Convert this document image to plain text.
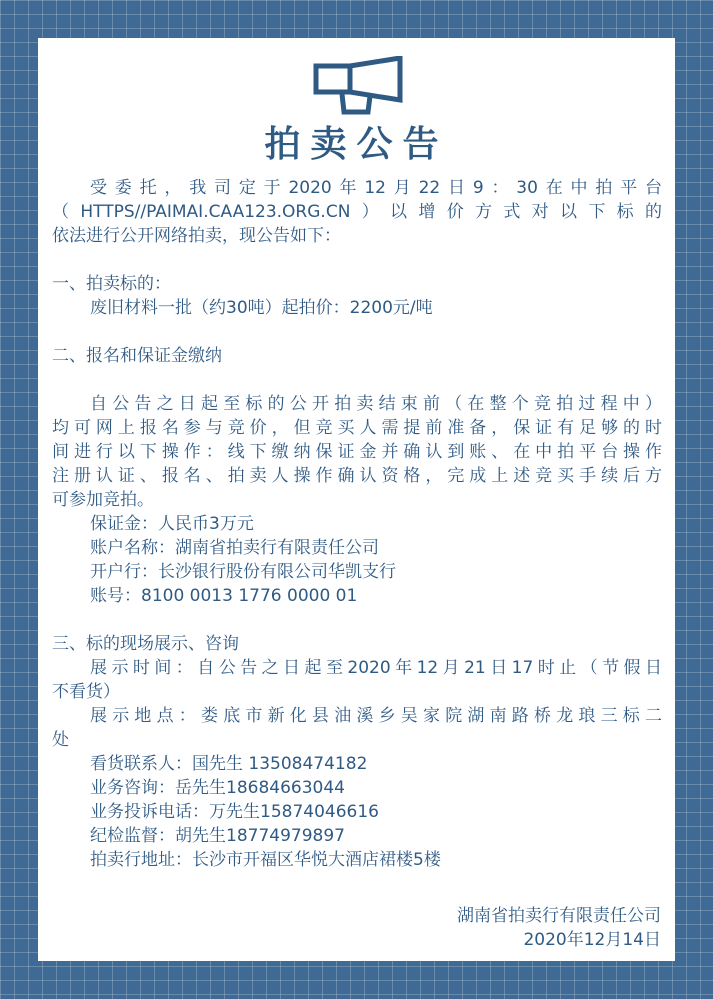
拍卖公告

受委托，我司定于2020年12月22日9：30在中拍平台

（HTTPS//PAIMAI.CAA123.ORG.CN）以增价方式对以下标的

依法进行公开网络拍卖，现公告如下：

一、拍卖标的：

废旧材料一批（约30吨）起拍价：2200元/吨

二、报名和保证金缴纳

自公告之日起至标的公开拍卖结束前（在整个竞拍过程中）

均可网上报名参与竞价，但竞买人需提前准备，保证有足够的时

间进行以下操作：线下缴纳保证金并确认到账、在中拍平台操作

注册认证、报名、拍卖人操作确认资格，完成上述竞买手续后方

可参加竞拍。

保证金：人民币3万元

账户名称：湖南省拍卖行有限责任公司

开户行：长沙银行股份有限公司华凯支行

账号：8100 0013 1776 0000 01

三、标的现场展示、咨询

展示时间：自公告之日起至2020年12月21日17时止（节假日

不看货）

展示地点：娄底市新化县油溪乡吴家院湖南路桥龙琅三标二

处

看货联系人：国先生 13508474182

业务咨询：岳先生18684663044

业务投诉电话：万先生15874046616

纪检监督：胡先生18774979897

拍卖行地址：长沙市开福区华悦大酒店裙楼5楼

湖南省拍卖行有限责任公司
2020年12月14日
